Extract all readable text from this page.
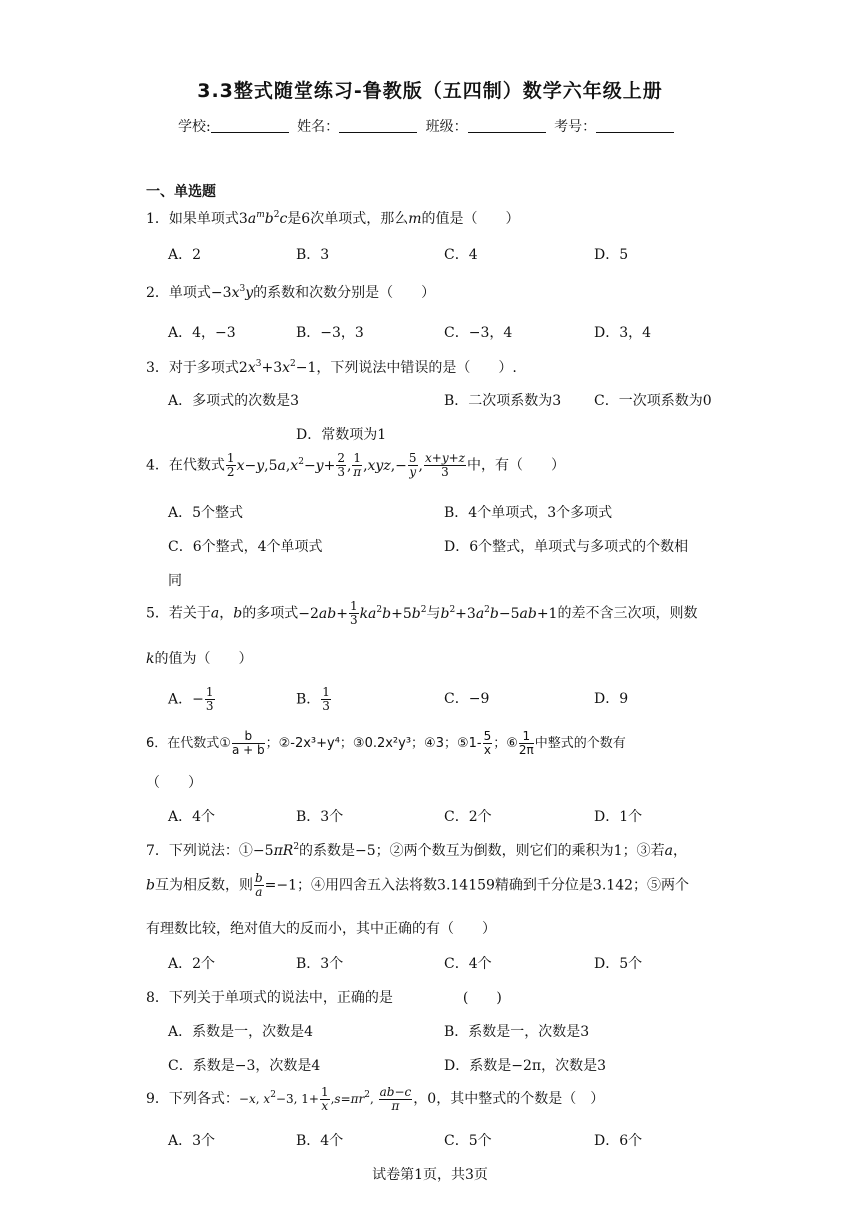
3.3整式随堂练习-鲁教版（五四制）数学六年级上册
学校:	姓名：	班级：	考号：
一、单选题
1．如果单项式$3a^mb^2c$是6次单项式，那么m的值是（　　）
A．2	B．3	C．4	D．5
2．单项式$-3x^3y$的系数和次数分别是（　　）
A．4，−3	B．−3，3	C．−3，4	D．3，4
3．对于多项式$2x^3+3x^2-1$，下列说法中错误的是（　　）.
A．多项式的次数是3	B．二次项系数为3 C．一次项系数为0
D．常数项为1
4．在代数式 $\frac{1}{2} x-y,5a,x^2-y+ \frac{2}{3}$ , $\frac{1}{\pi} ,xyz,- \frac{5}{y}$ , $\frac{x+y+z}{3}$ 中，有（　　）
A．5个整式	B．4个单项式，3个多项式
C．6个整式，4个单项式	D．6个整式，单项式与多项式的个数相
同
5．若关于a，b的多项式$-2ab+ \frac{1}{3} ka^2b+5b^2$与$b^2+3a^2b-5ab+1$的差不含三次项，则数
k的值为（　　）
A．− $\frac{1}{3}$	B． $\frac{1}{3}$	C．−9	D．9
6．在代数式① $\frac{b}{a + b}$ ；②-2x³+y⁴；③0.2x²y³；④3；⑤1- $\frac{5}{x}$ ；⑥ $\frac{1}{2\pi}$ 中整式的个数有
（　　）
A．4个	B．3个	C．2个	D．1个
7．下列说法：$①-5\pi R^2$的系数是−5；②两个数互为倒数，则它们的乘积为1；③若a，
b互为相反数，则 $\frac{b}{a} =-1$；④用四舍五入法将数3.14159精确到千分位是3.142；⑤两个
有理数比较，绝对值大的反而小，其中正确的有（　　）
A．2个	B．3个	C．4个	D．5个
8．下列关于单项式的说法中，正确的是　　　　　(　　)
A．系数是一，次数是4	B．系数是一，次数是3
C．系数是−3，次数是4	D．系数是−2π，次数是3
9．下列各式：−x, $x^2-3$, $1+ \frac{1}{x} ,s=\pi r^2$, $\frac{ab-c}{\pi}$ ，0，其中整式的个数是（　）
A．3个	B．4个	C．5个	D．6个
试卷第1页，共3页
